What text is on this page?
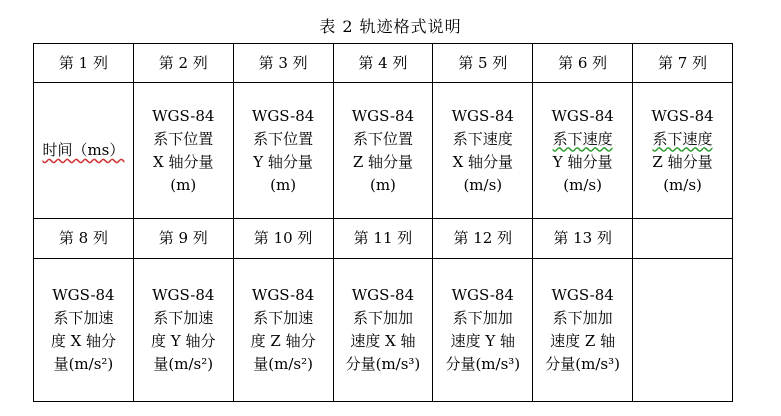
表 2 轨迹格式说明
第 1 列	第 2 列	第 3 列	第 4 列	第 5 列	第 6 列	第 7 列

时间（ms）	WGS-84
系下位置
X 轴分量
(m)	WGS-84
系下位置
Y 轴分量
(m)	WGS-84
系下位置
Z 轴分量
(m)	WGS-84
系下速度
X 轴分量
(m/s)	WGS-84
系下速度
Y 轴分量
(m/s)	WGS-84
系下速度
Z 轴分量
(m/s)

第 8 列	第 9 列	第 10 列	第 11 列	第 12 列	第 13 列	

WGS-84
系下加速
度 X 轴分
量(m/s²)	WGS-84
系下加速
度 Y 轴分
量(m/s²)	WGS-84
系下加速
度 Z 轴分
量(m/s²)	WGS-84
系下加加
速度 X 轴
分量(m/s³)	WGS-84
系下加加
速度 Y 轴
分量(m/s³)	WGS-84
系下加加
速度 Z 轴
分量(m/s³)	
